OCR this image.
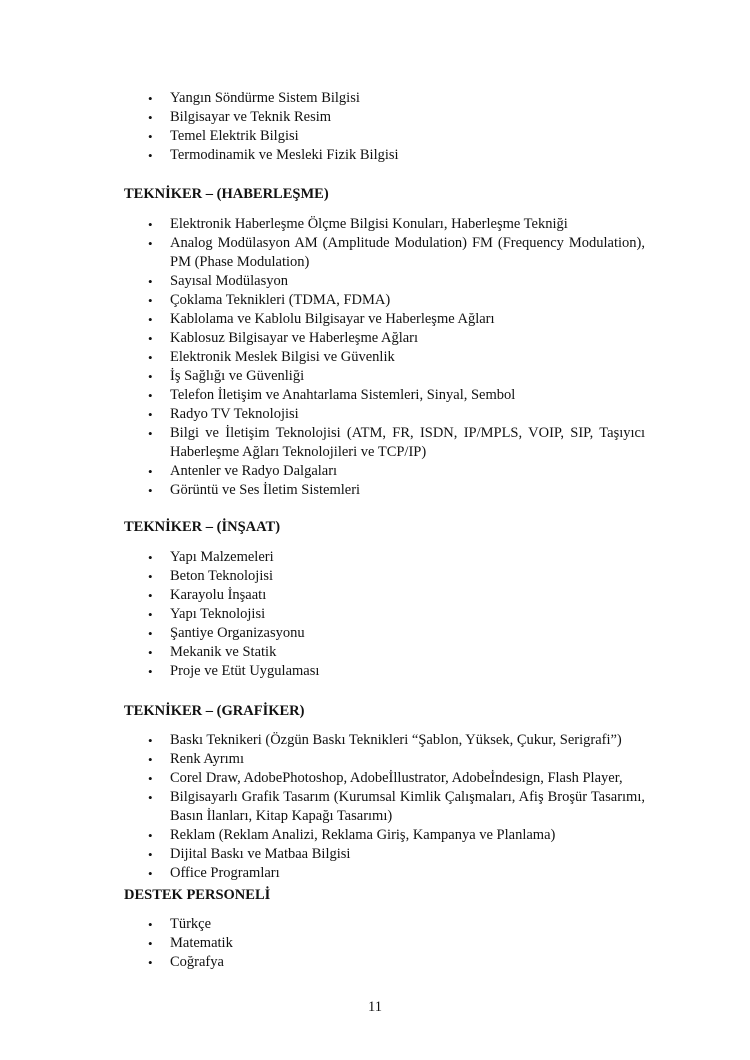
• Yangın Söndürme Sistem Bilgisi
• Bilgisayar ve Teknik Resim
• Temel Elektrik Bilgisi
• Termodinamik ve Mesleki Fizik Bilgisi
TEKNİKER – (HABERLEŞME)
• Elektronik Haberleşme Ölçme Bilgisi Konuları, Haberleşme Tekniği
• Analog Modülasyon AM (Amplitude Modulation) FM (Frequency Modulation), PM (Phase Modulation)
• Sayısal Modülasyon
• Çoklama Teknikleri (TDMA, FDMA)
• Kablolama ve Kablolu Bilgisayar ve Haberleşme Ağları
• Kablosuz Bilgisayar ve Haberleşme Ağları
• Elektronik Meslek Bilgisi ve Güvenlik
• İş Sağlığı ve Güvenliği
• Telefon İletişim ve Anahtarlama Sistemleri, Sinyal, Sembol
• Radyo TV Teknolojisi
• Bilgi ve İletişim Teknolojisi (ATM, FR, ISDN, IP/MPLS, VOIP, SIP, Taşıyıcı Haberleşme Ağları Teknolojileri ve TCP/IP)
• Antenler ve Radyo Dalgaları
• Görüntü ve Ses İletim Sistemleri
TEKNİKER – (İNŞAAT)
• Yapı Malzemeleri
• Beton Teknolojisi
• Karayolu İnşaatı
• Yapı Teknolojisi
• Şantiye Organizasyonu
• Mekanik ve Statik
• Proje ve Etüt Uygulaması
TEKNİKER – (GRAFİKER)
• Baskı Teknikeri (Özgün Baskı Teknikleri “Şablon, Yüksek, Çukur, Serigrafi”)
• Renk Ayrımı
• Corel Draw, AdobePhotoshop, Adobeİllustrator, Adobeİndesign, Flash Player,
• Bilgisayarlı Grafik Tasarım (Kurumsal Kimlik Çalışmaları, Afiş Broşür Tasarımı, Basın İlanları, Kitap Kapağı Tasarımı)
• Reklam (Reklam Analizi, Reklama Giriş, Kampanya ve Planlama)
• Dijital Baskı ve Matbaa Bilgisi
• Office Programları
DESTEK PERSONELİ
• Türkçe
• Matematik
• Coğrafya
11
